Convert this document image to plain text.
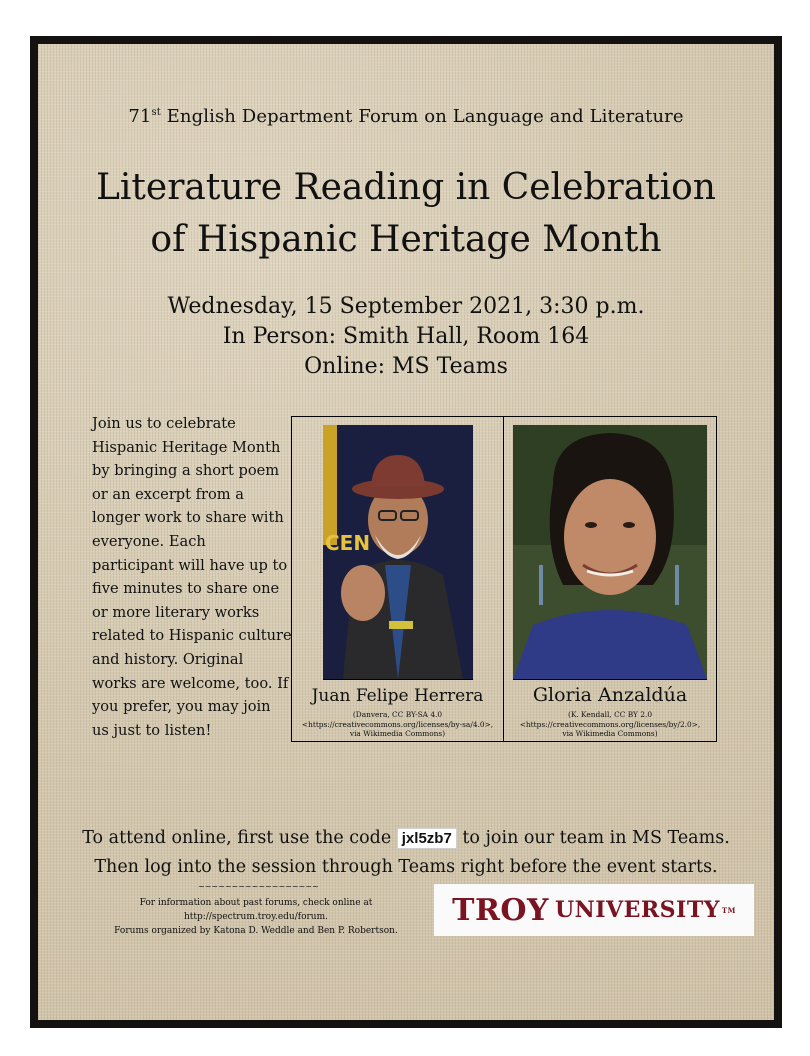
71st English Department Forum on Language and Literature
Literature Reading in Celebration
of Hispanic Heritage Month
Wednesday, 15 September 2021, 3:30 p.m.
In Person: Smith Hall, Room 164
Online: MS Teams
Join us to celebrate Hispanic Heritage Month by bringing a short poem or an excerpt from a longer work to share with everyone. Each participant will have up to five minutes to share one or more literary works related to Hispanic culture and history. Original works are welcome, too. If you prefer, you may join us just to listen!
CEN
Juan Felipe Herrera
(Danvera, CC BY-SA 4.0 <https://creativecommons.org/licenses/by-sa/4.0>, via Wikimedia Commons)
Gloria Anzaldúa
(K. Kendall, CC BY 2.0 <https://creativecommons.org/licenses/by/2.0>, via Wikimedia Commons)
To attend online, first use the code jxl5zb7 to join our team in MS Teams.
Then log into the session through Teams right before the event starts.
~~~~~~~~~~~~~~~~~~
For information about past forums, check online at
http://spectrum.troy.edu/forum.
Forums organized by Katona D. Weddle and Ben P. Robertson.
TROY UNIVERSITY TM
